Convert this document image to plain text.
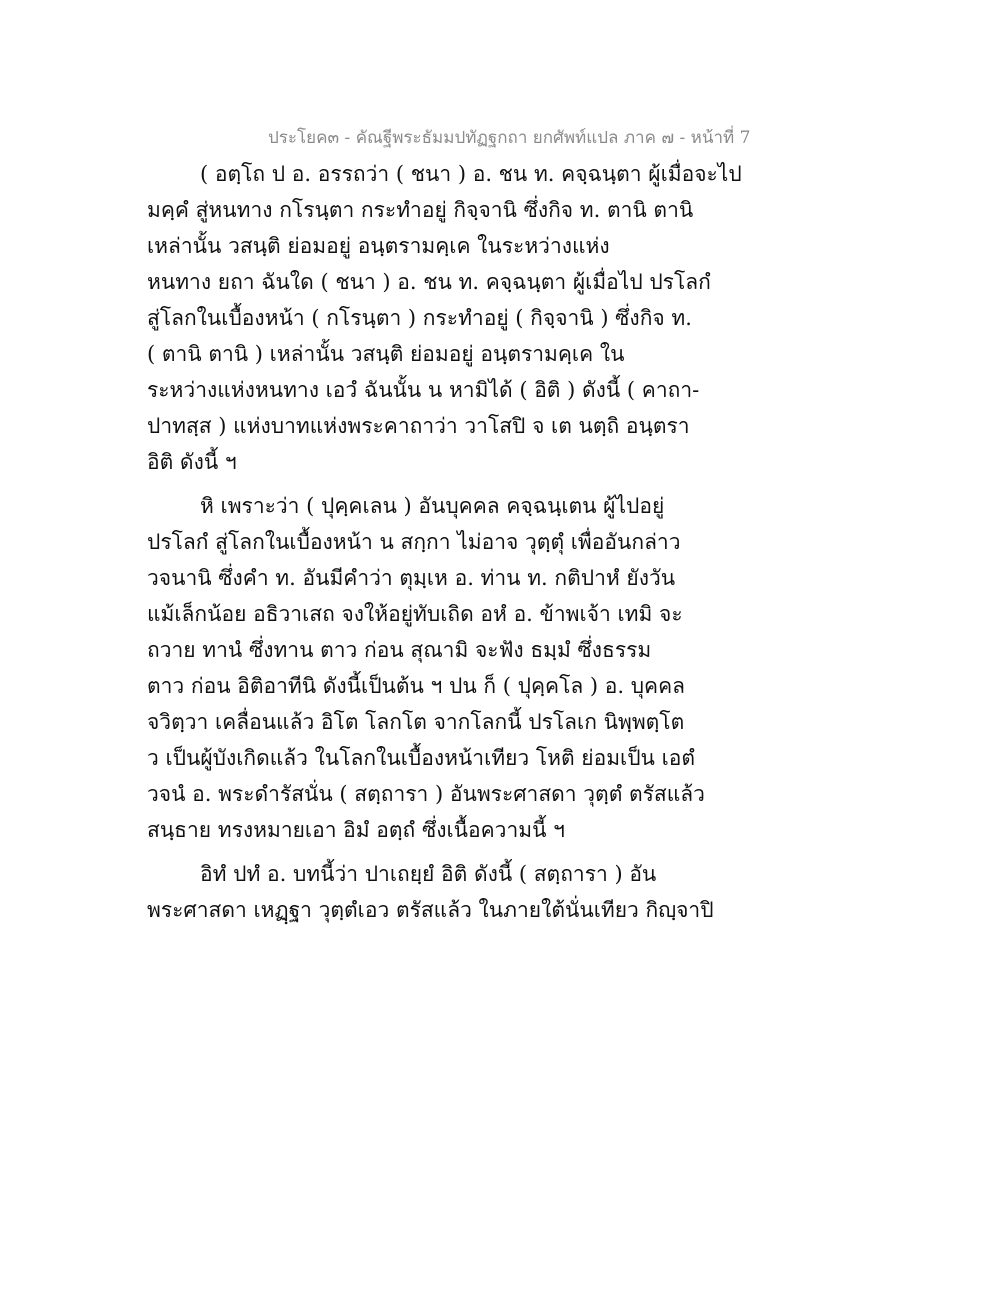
ประโยค๓ - คัณฐีพระธัมมปทัฏฐกถา ยกศัพท์แปล ภาค ๗ - หน้าที่ 7
( อตฺโถ ป อ. อรรถว่า ( ชนา ) อ. ชน ท. คจฺฉนฺตา ผู้เมื่อจะไป
มคฺคํ สู่หนทาง กโรนฺตา กระทำอยู่ กิจฺจานิ ซึ่งกิจ ท. ตานิ ตานิ
เหล่านั้น วสนฺติ ย่อมอยู่ อนฺตรามคฺเค ในระหว่างแห่ง
หนทาง ยถา ฉันใด ( ชนา ) อ. ชน ท. คจฺฉนฺตา ผู้เมื่อไป ปรโลกํ
สู่โลกในเบื้องหน้า ( กโรนฺตา ) กระทำอยู่ ( กิจฺจานิ ) ซึ่งกิจ ท.
( ตานิ ตานิ ) เหล่านั้น วสนฺติ ย่อมอยู่ อนฺตรามคฺเค ใน
ระหว่างแห่งหนทาง เอวํ ฉันนั้น น หามิได้ ( อิติ ) ดังนี้ ( คาถา-
ปาทสฺส ) แห่งบาทแห่งพระคาถาว่า วาโสปิ จ เต นตฺถิ อนฺตรา
อิติ ดังนี้ ฯ
หิ เพราะว่า ( ปุคฺคเลน ) อันบุคคล คจฺฉนฺเตน ผู้ไปอยู่
ปรโลกํ สู่โลกในเบื้องหน้า น สกฺกา ไม่อาจ วุตฺตุํ เพื่ออันกล่าว
วจนานิ ซึ่งคำ ท. อันมีคำว่า ตุมฺเห อ. ท่าน ท. กติปาหํ ยังวัน
แม้เล็กน้อย อธิวาเสถ จงให้อยู่ทับเถิด อหํ อ. ข้าพเจ้า เทมิ จะ
ถวาย ทานํ ซึ่งทาน ตาว ก่อน สุณามิ จะฟัง ธมฺมํ ซึ่งธรรม
ตาว ก่อน อิติอาทีนิ ดังนี้เป็นต้น ฯ ปน ก็ ( ปุคฺคโล ) อ. บุคคล
จวิตฺวา เคลื่อนแล้ว อิโต โลกโต จากโลกนี้ ปรโลเก นิพฺพตฺโต
ว เป็นผู้บังเกิดแล้ว ในโลกในเบื้องหน้าเทียว โหติ ย่อมเป็น เอตํ
วจนํ อ. พระดำรัสนั่น ( สตฺถารา ) อันพระศาสดา วุตฺตํ ตรัสแล้ว
สนฺธาย ทรงหมายเอา อิมํ อตฺถํ ซึ่งเนื้อความนี้ ฯ
อิทํ ปทํ อ. บทนี้ว่า ปาเถยฺยํ อิติ ดังนี้ ( สตฺถารา ) อัน
พระศาสดา เหฏฺฐา วุตฺตํเอว ตรัสแล้ว ในภายใต้นั่นเทียว กิญฺจาปิ
